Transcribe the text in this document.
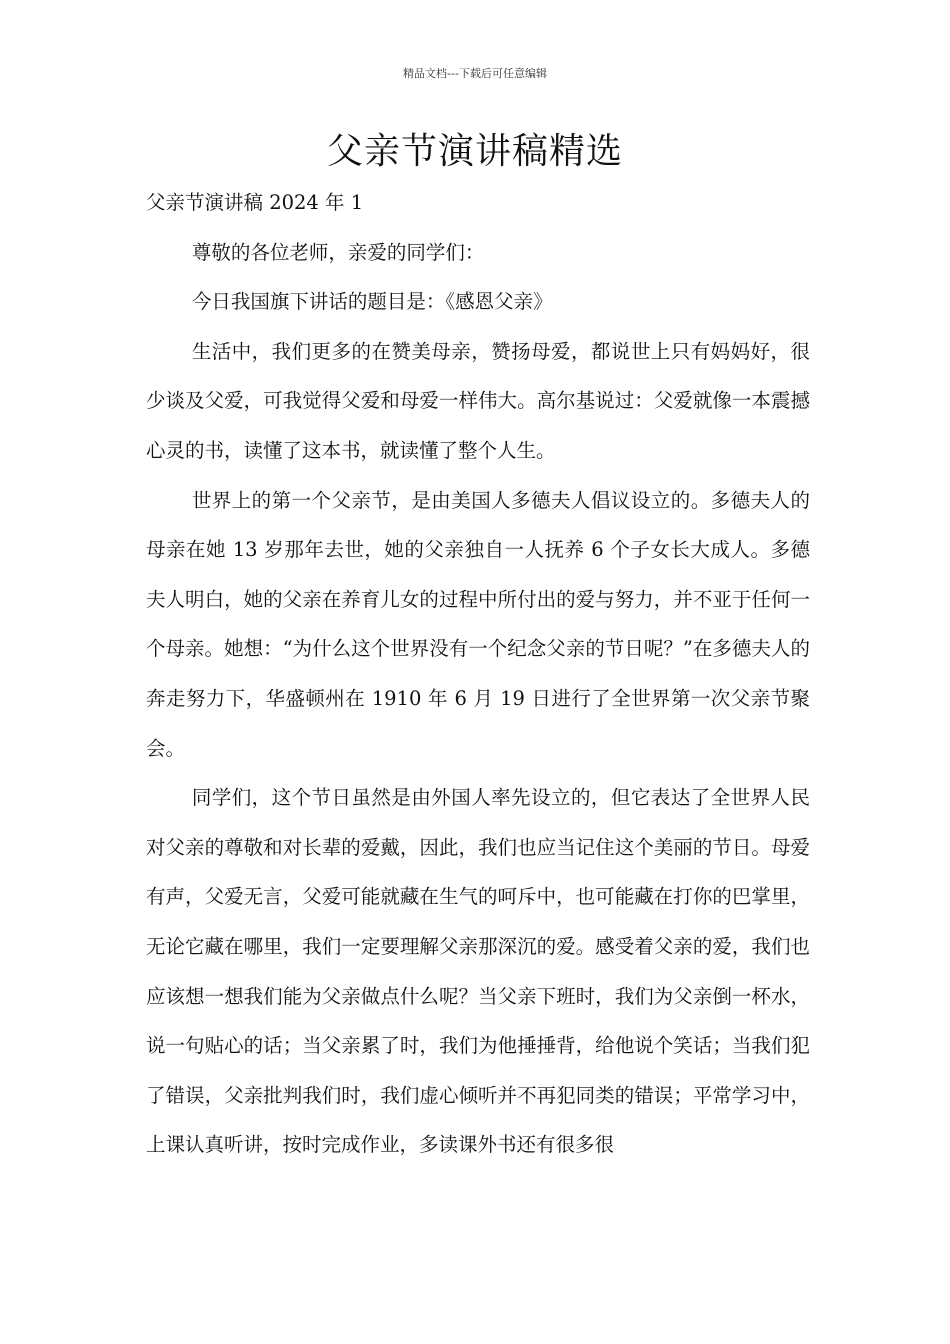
精品文档---下载后可任意编辑
父亲节演讲稿精选

父亲节演讲稿 2024 年 1

尊敬的各位老师，亲爱的同学们：

今日我国旗下讲话的题目是：《感恩父亲》

生活中，我们更多的在赞美母亲，赞扬母爱，都说世上只有妈妈好，很少谈及父爱，可我觉得父爱和母爱一样伟大。高尔基说过：父爱就像一本震撼心灵的书，读懂了这本书，就读懂了整个人生。

世界上的第一个父亲节，是由美国人多德夫人倡议设立的。多德夫人的母亲在她 13 岁那年去世，她的父亲独自一人抚养 6 个子女长大成人。多德夫人明白，她的父亲在养育儿女的过程中所付出的爱与努力，并不亚于任何一个母亲。她想：“为什么这个世界没有一个纪念父亲的节日呢？”在多德夫人的奔走努力下，华盛顿州在 1910 年 6 月 19 日进行了全世界第一次父亲节聚会。

同学们，这个节日虽然是由外国人率先设立的，但它表达了全世界人民对父亲的尊敬和对长辈的爱戴，因此，我们也应当记住这个美丽的节日。母爱有声，父爱无言，父爱可能就藏在生气的呵斥中，也可能藏在打你的巴掌里，无论它藏在哪里，我们一定要理解父亲那深沉的爱。感受着父亲的爱，我们也应该想一想我们能为父亲做点什么呢？当父亲下班时，我们为父亲倒一杯水，说一句贴心的话；当父亲累了时，我们为他捶捶背，给他说个笑话；当我们犯了错误，父亲批判我们时，我们虚心倾听并不再犯同类的错误；平常学习中，上课认真听讲，按时完成作业，多读课外书还有很多很
